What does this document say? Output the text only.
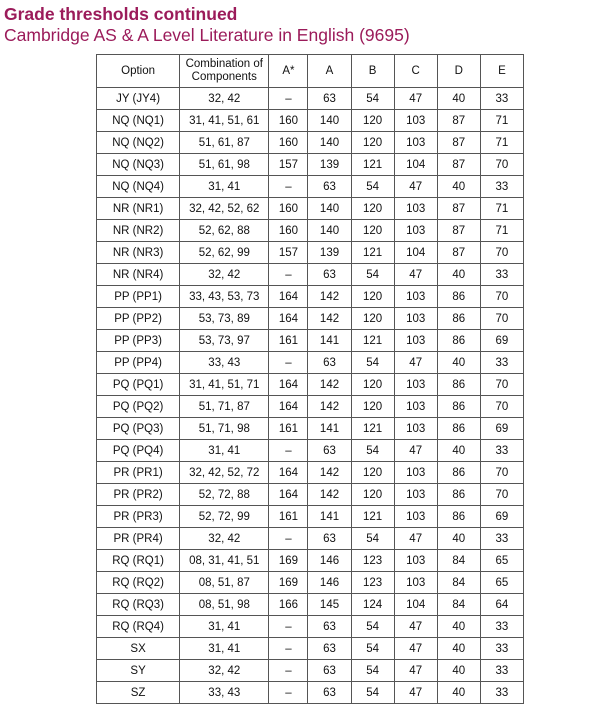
Grade thresholds continued
Cambridge AS & A Level Literature in English (9695)
Option	Combination of Components	A*	A	B	C	D	E
JY (JY4)	32, 42	–	63	54	47	40	33
NQ (NQ1)	31, 41, 51, 61	160	140	120	103	87	71
NQ (NQ2)	51, 61, 87	160	140	120	103	87	71
NQ (NQ3)	51, 61, 98	157	139	121	104	87	70
NQ (NQ4)	31, 41	–	63	54	47	40	33
NR (NR1)	32, 42, 52, 62	160	140	120	103	87	71
NR (NR2)	52, 62, 88	160	140	120	103	87	71
NR (NR3)	52, 62, 99	157	139	121	104	87	70
NR (NR4)	32, 42	–	63	54	47	40	33
PP (PP1)	33, 43, 53, 73	164	142	120	103	86	70
PP (PP2)	53, 73, 89	164	142	120	103	86	70
PP (PP3)	53, 73, 97	161	141	121	103	86	69
PP (PP4)	33, 43	–	63	54	47	40	33
PQ (PQ1)	31, 41, 51, 71	164	142	120	103	86	70
PQ (PQ2)	51, 71, 87	164	142	120	103	86	70
PQ (PQ3)	51, 71, 98	161	141	121	103	86	69
PQ (PQ4)	31, 41	–	63	54	47	40	33
PR (PR1)	32, 42, 52, 72	164	142	120	103	86	70
PR (PR2)	52, 72, 88	164	142	120	103	86	70
PR (PR3)	52, 72, 99	161	141	121	103	86	69
PR (PR4)	32, 42	–	63	54	47	40	33
RQ (RQ1)	08, 31, 41, 51	169	146	123	103	84	65
RQ (RQ2)	08, 51, 87	169	146	123	103	84	65
RQ (RQ3)	08, 51, 98	166	145	124	104	84	64
RQ (RQ4)	31, 41	–	63	54	47	40	33
SX	31, 41	–	63	54	47	40	33
SY	32, 42	–	63	54	47	40	33
SZ	33, 43	–	63	54	47	40	33
